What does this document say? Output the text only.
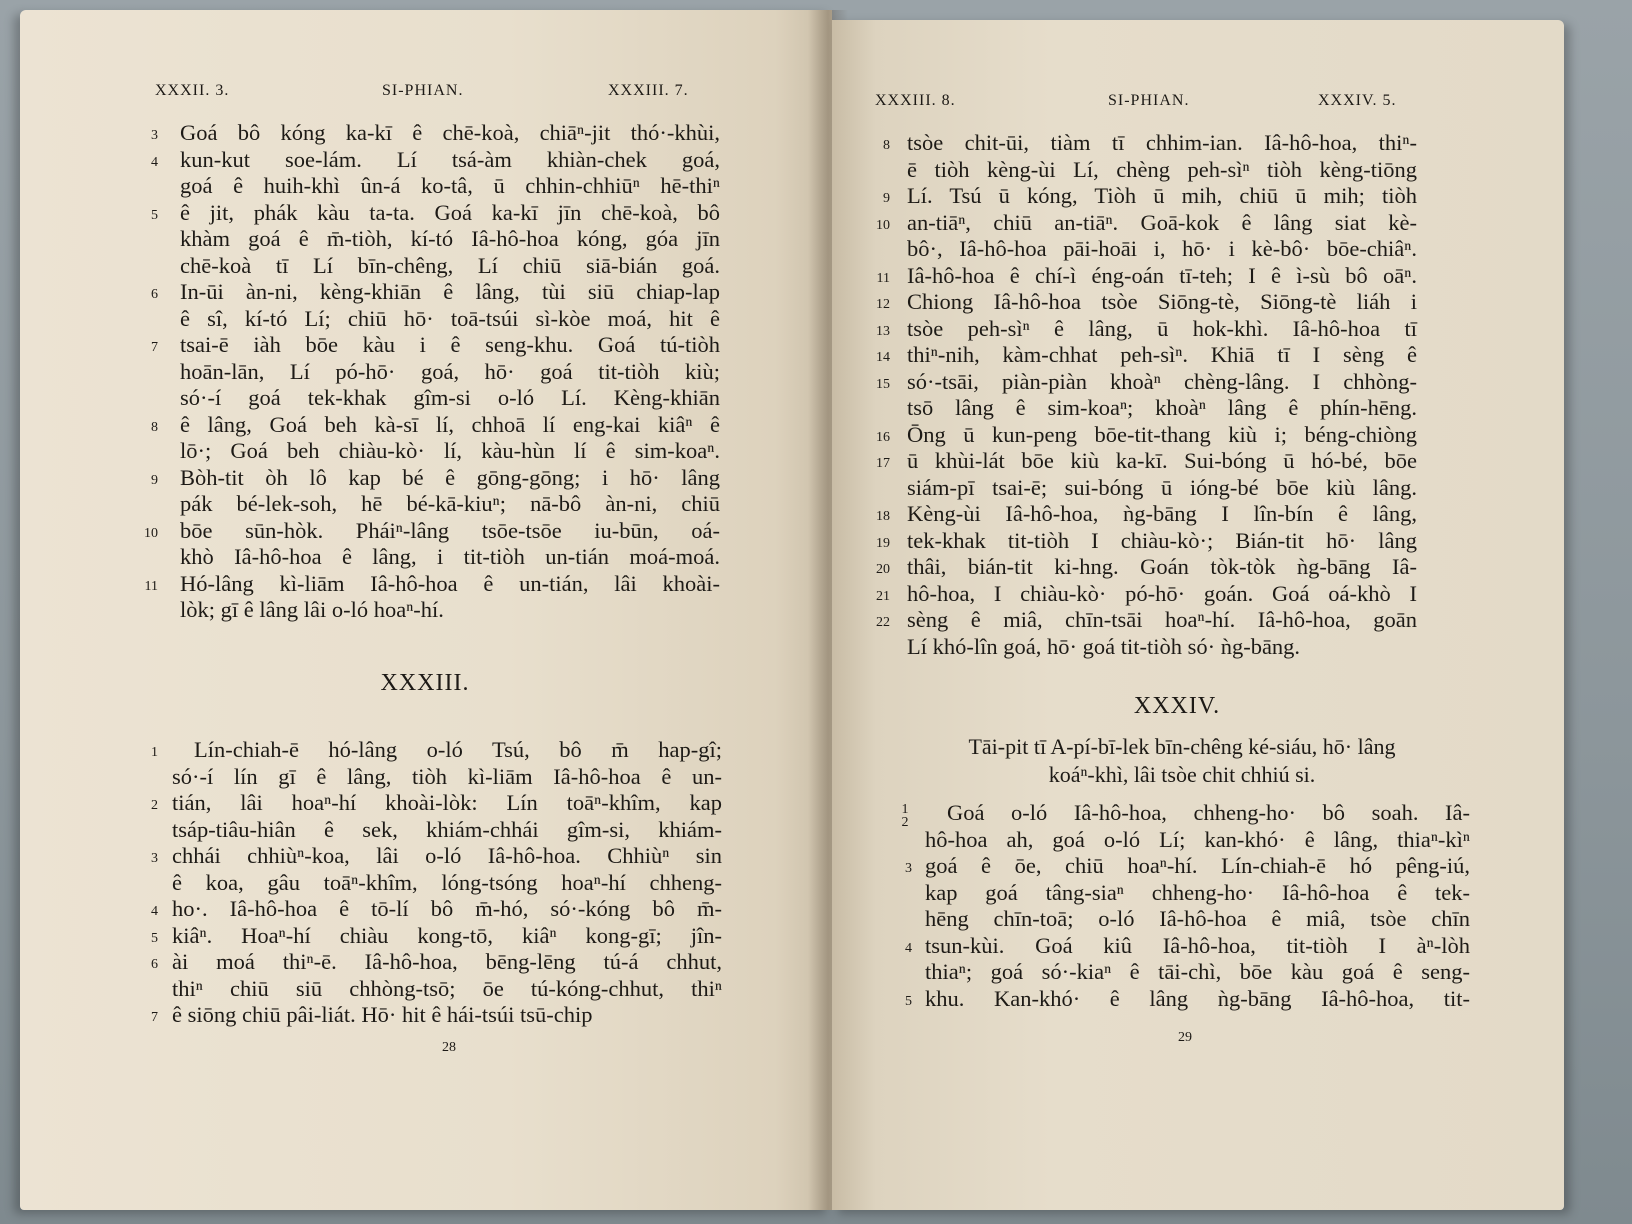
XXXII. 3.	SI-PHIAN.	XXXIII. 7.
3 Goá bô kóng ka-kī ê chē-koà, chiāⁿ-jit thó·-khùi,
4 kun-kut soe-lám. Lí tsá-àm khiàn-chek goá,
goá ê huih-khì ûn-á ko-tâ, ū chhin-chhiūⁿ hē-thiⁿ
5 ê jit, phák kàu ta-ta. Goá ka-kī jīn chē-koà, bô
khàm goá ê m̄-tiòh, kí-tó Iâ-hô-hoa kóng, góa jīn
chē-koà tī Lí bīn-chêng, Lí chiū siā-bián goá.
6 In-ūi àn-ni, kèng-khiān ê lâng, tùi siū chiap-lap
ê sî, kí-tó Lí; chiū hō· toā-tsúi sì-kòe moá, hit ê
7 tsai-ē iàh bōe kàu i ê seng-khu. Goá tú-tiòh
hoān-lān, Lí pó-hō· goá, hō· goá tit-tiòh kiù;
só·-í goá tek-khak gîm-si o-ló Lí. Kèng-khiān
8 ê lâng, Goá beh kà-sī lí, chhoā lí eng-kai kiâⁿ ê
lō·; Goá beh chiàu-kò· lí, kàu-hùn lí ê sim-koaⁿ.
9 Bòh-tit òh lô kap bé ê gōng-gōng; i hō· lâng
pák bé-lek-soh, hē bé-kā-kiuⁿ; nā-bô àn-ni, chiū
10 bōe sūn-hòk. Pháiⁿ-lâng tsōe-tsōe iu-būn, oá-
khò Iâ-hô-hoa ê lâng, i tit-tiòh un-tián moá-moá.
11 Hó-lâng kì-liām Iâ-hô-hoa ê un-tián, lâi khoài-
lòk; gī ê lâng lâi o-ló hoaⁿ-hí.
XXXIII.
1 Lín-chiah-ē hó-lâng o-ló Tsú, bô m̄ hap-gî;
só·-í lín gī ê lâng, tiòh kì-liām Iâ-hô-hoa ê un-
2 tián, lâi hoaⁿ-hí khoài-lòk: Lín toāⁿ-khîm, kap
tsáp-tiâu-hiân ê sek, khiám-chhái gîm-si, khiám-
3 chhái chhiùⁿ-koa, lâi o-ló Iâ-hô-hoa. Chhiùⁿ sin
ê koa, gâu toāⁿ-khîm, lóng-tsóng hoaⁿ-hí chheng-
4 ho·. Iâ-hô-hoa ê tō-lí bô m̄-hó, só·-kóng bô m̄-
5 kiâⁿ. Hoaⁿ-hí chiàu kong-tō, kiâⁿ kong-gī; jîn-
6 ài moá thiⁿ-ē. Iâ-hô-hoa, bēng-lēng tú-á chhut,
thiⁿ chiū siū chhòng-tsō; ōe tú-kóng-chhut, thiⁿ
7 ê siōng chiū pâi-liát. Hō· hit ê hái-tsúi tsū-chip
28
XXXIII. 8.	SI-PHIAN.	XXXIV. 5.
8 tsòe chit-ūi, tiàm tī chhim-ian. Iâ-hô-hoa, thiⁿ-
ē tiòh kèng-ùi Lí, chèng peh-sìⁿ tiòh kèng-tiōng
9 Lí. Tsú ū kóng, Tiòh ū mih, chiū ū mih; tiòh
10 an-tiāⁿ, chiū an-tiāⁿ. Goā-kok ê lâng siat kè-
bô·, Iâ-hô-hoa pāi-hoāi i, hō· i kè-bô· bōe-chiâⁿ.
11 Iâ-hô-hoa ê chí-ì éng-oán tī-teh; I ê ì-sù bô oāⁿ.
12 Chiong Iâ-hô-hoa tsòe Siōng-tè, Siōng-tè liáh i
13 tsòe peh-sìⁿ ê lâng, ū hok-khì. Iâ-hô-hoa tī
14 thiⁿ-nih, kàm-chhat peh-sìⁿ. Khiā tī I sèng ê
15 só·-tsāi, piàn-piàn khoàⁿ chèng-lâng. I chhòng-
tsō lâng ê sim-koaⁿ; khoàⁿ lâng ê phín-hēng.
16 Ōng ū kun-peng bōe-tit-thang kiù i; béng-chiòng
17 ū khùi-lát bōe kiù ka-kī. Sui-bóng ū hó-bé, bōe
siám-pī tsai-ē; sui-bóng ū ióng-bé bōe kiù lâng.
18 Kèng-ùi Iâ-hô-hoa, ǹg-bāng I lîn-bín ê lâng,
19 tek-khak tit-tiòh I chiàu-kò·; Bián-tit hō· lâng
20 thâi, bián-tit ki-hng. Goán tòk-tòk ǹg-bāng Iâ-
21 hô-hoa, I chiàu-kò· pó-hō· goán. Goá oá-khò I
22 sèng ê miâ, chīn-tsāi hoaⁿ-hí. Iâ-hô-hoa, goān
Lí khó-lîn goá, hō· goá tit-tiòh só· ǹg-bāng.
XXXIV.
Tāi-pit tī A-pí-bī-lek bīn-chêng ké-siáu, hō· lâng
koáⁿ-khì, lâi tsòe chit chhiú si.
1
2 Goá o-ló Iâ-hô-hoa, chheng-ho· bô soah. Iâ-
hô-hoa ah, goá o-ló Lí; kan-khó· ê lâng, thiaⁿ-kìⁿ
3 goá ê ōe, chiū hoaⁿ-hí. Lín-chiah-ē hó pêng-iú,
kap goá tâng-siaⁿ chheng-ho· Iâ-hô-hoa ê tek-
hēng chīn-toā; o-ló Iâ-hô-hoa ê miâ, tsòe chīn
4 tsun-kùi. Goá kiû Iâ-hô-hoa, tit-tiòh I àⁿ-lòh
thiaⁿ; goá só·-kiaⁿ ê tāi-chì, bōe kàu goá ê seng-
5 khu. Kan-khó· ê lâng ǹg-bāng Iâ-hô-hoa, tit-
29
